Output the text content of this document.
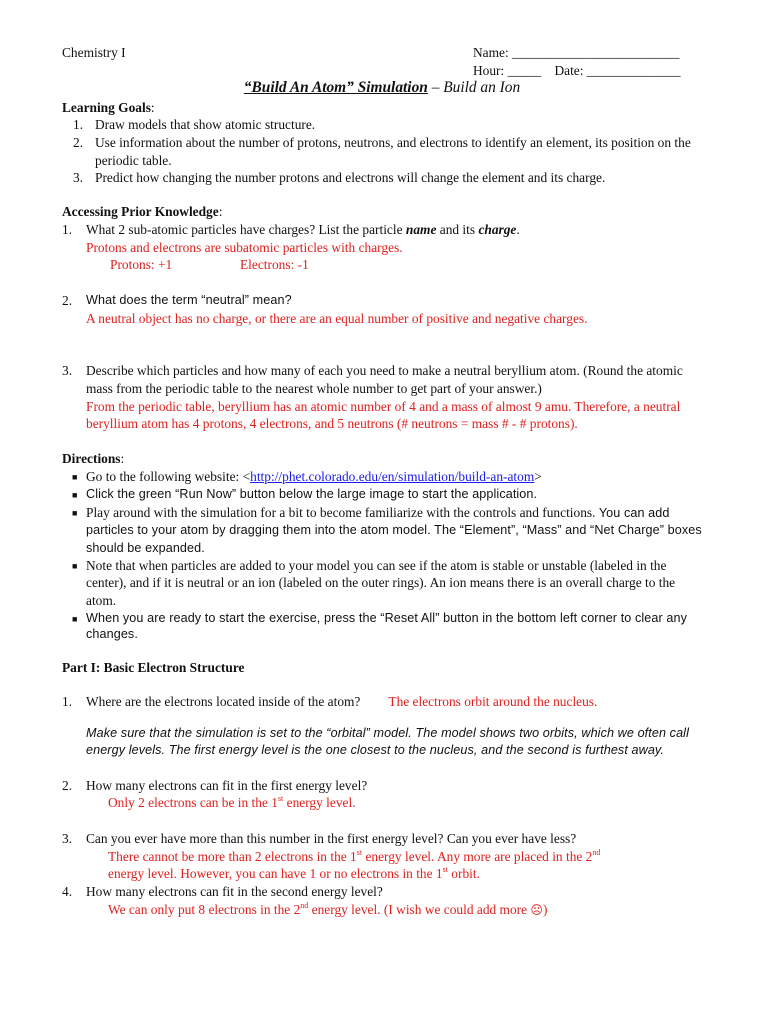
Chemistry I	Name: _________________________
Hour: _____    Date: ______________
“Build An Atom” Simulation – Build an Ion
Learning Goals:
1. Draw models that show atomic structure.
2. Use information about the number of protons, neutrons, and electrons to identify an element, its position on the periodic table.
3. Predict how changing the number protons and electrons will change the element and its charge.
Accessing Prior Knowledge:
1.	What 2 sub-atomic particles have charges? List the particle name and its charge.
Protons and electrons are subatomic particles with charges.
Protons: +1	Electrons: -1
2.	What does the term “neutral” mean?
A neutral object has no charge, or there are an equal number of positive and negative charges.
3.	Describe which particles and how many of each you need to make a neutral beryllium atom. (Round the atomic mass from the periodic table to the nearest whole number to get part of your answer.)
From the periodic table, beryllium has an atomic number of 4 and a mass of almost 9 amu. Therefore, a neutral beryllium atom has 4 protons, 4 electrons, and 5 neutrons (# neutrons = mass # - # protons).
Directions:
■ Go to the following website: <http://phet.colorado.edu/en/simulation/build-an-atom>
■ Click the green “Run Now” button below the large image to start the application.
■ Play around with the simulation for a bit to become familiarize with the controls and functions. You can add particles to your atom by dragging them into the atom model. The “Element”, “Mass” and “Net Charge” boxes should be expanded.
■ Note that when particles are added to your model you can see if the atom is stable or unstable (labeled in the center), and if it is neutral or an ion (labeled on the outer rings). An ion means there is an overall charge to the atom.
■ When you are ready to start the exercise, press the “Reset All” button in the bottom left corner to clear any changes.
Part I: Basic Electron Structure
1.	Where are the electrons located inside of the atom? The electrons orbit around the nucleus.
Make sure that the simulation is set to the “orbital” model. The model shows two orbits, which we often call energy levels. The first energy level is the one closest to the nucleus, and the second is furthest away.
2.	How many electrons can fit in the first energy level?
Only 2 electrons can be in the 1st energy level.
3.	Can you ever have more than this number in the first energy level? Can you ever have less?
There cannot be more than 2 electrons in the 1st energy level. Any more are placed in the 2nd
energy level. However, you can have 1 or no electrons in the 1st orbit.
4.	How many electrons can fit in the second energy level?
We can only put 8 electrons in the 2nd energy level. (I wish we could add more ☹)
